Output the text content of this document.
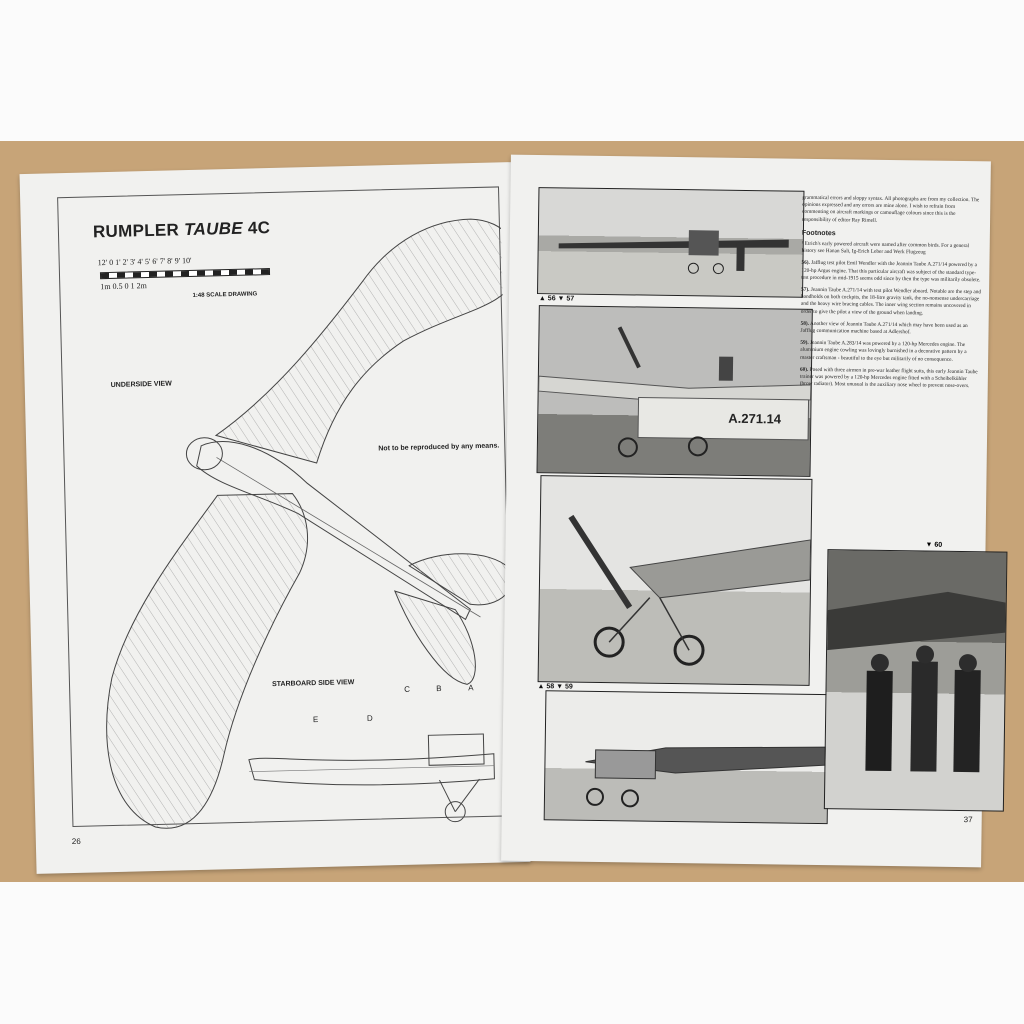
RUMPLER TAUBE 4C
12' 0 1' 2' 3' 4' 5' 6' 7' 8' 9' 10'
1m 0.5 0 1 2m
1:48 SCALE DRAWING
UNDERSIDE VIEW
Not to be reproduced by any means.
STARBOARD SIDE VIEW
C	B	A
E	D
26
▲ 56 ▼ 57
A.271.14
▲ 58 ▼ 59
▼ 60

grammatical errors and sloppy syntax. All photographs are from my collection. The opinions expressed and any errors are mine alone. I wish to refrain from commenting on aircraft markings or camouflage colours since this is the responsibility of editor Ray Rimell.

Footnotes

¹ Etrich's early powered aircraft were named after common birds. For a general history see Hanan Sali, Ig-Erich Leber and Werk Flugzeug

56). Jafflug test pilot Emil Wendler with the Jeannin Taube A.271/14 powered by a 120-hp Argus engine. That this particular aircraft was subject of the standard type-test procedure in mid-1915 seems odd since by then the type was militarily obsolete.

57). Jeannin Taube A.271/14 with test pilot Wendler aboard. Notable are the step and handholds on both cockpits, the 18-litre gravity tank, the no-nonsense undercarriage and the heavy wire bracing cables. The inner wing section remains uncovered in order to give the pilot a view of the ground when landing.

58). Another view of Jeannin Taube A.271/14 which may have been used as an Jafflug communication machine based at Adlershof.

59). Jeannin Taube A.283/14 was powered by a 120-hp Mercedes engine. The aluminium engine cowling was lovingly burnished in a decorative pattern by a master craftsman - beautiful to the eye but militarily of no consequence.

60). Posed with three airmen in pre-war leather flight suits, this early Jeannin Taube trainer was powered by a 120-hp Mercedes engine fitted with a Scheibelkühler (brow radiator). Most unusual is the auxiliary nose wheel to prevent nose-overs.

37
